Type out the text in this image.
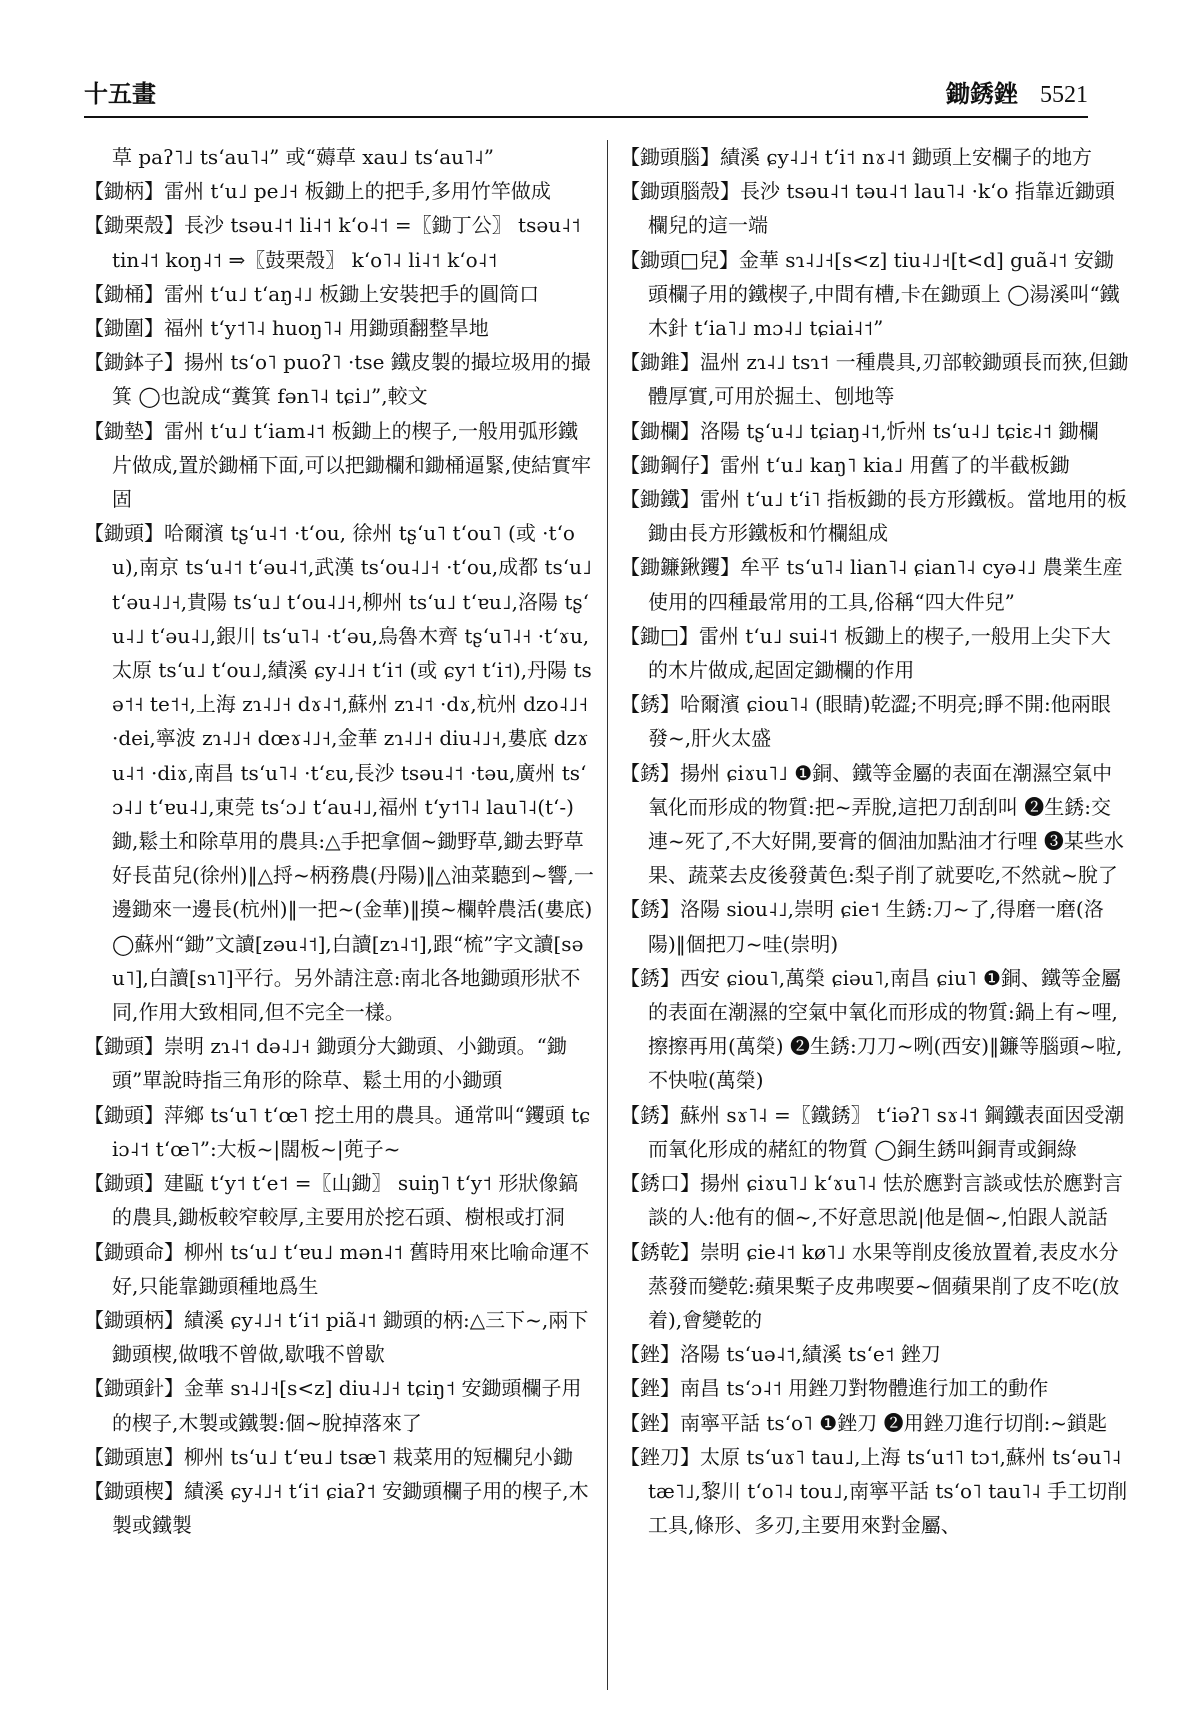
十五畫	鋤銹銼 5521

草 paʔ˥˩ tsʻau˥˨” 或“薅草 xau˩ tsʻau˥˨”

【鋤柄】雷州 tʻu˩ pe˩˧ 板鋤上的把手,多用竹竿做成

【鋤栗殼】長沙 tsəu˨˦ li˨˦ kʻo˨˦ =〖鋤丁公〗 tsəu˨˦ tin˨˦ koŋ˨˦ ⇒〖鼓栗殼〗 kʻo˥˨ li˨˦ kʻo˨˦

【鋤桶】雷州 tʻu˩ tʻaŋ˨˩ 板鋤上安裝把手的圓筒口

【鋤圍】福州 tʻy˦˥˨ huoŋ˥˨ 用鋤頭翻整旱地

【鋤鉢子】揚州 tsʻo˥ puoʔ˥ ·tse 鐵皮製的撮垃圾用的撮箕 ◯也說成“糞箕 fən˥˨ tɕi˩”,較文

【鋤墊】雷州 tʻu˩ tʻiam˨˦ 板鋤上的楔子,一般用弧形鐵片做成,置於鋤桶下面,可以把鋤欄和鋤桶逼緊,使結實牢固

【鋤頭】哈爾濱 tʂʻu˨˦ ·tʻou, 徐州 tʂʻu˥ tʻou˥ (或 ·tʻou),南京 tsʻu˨˦ tʻəu˨˦,武漢 tsʻou˨˩˧ ·tʻou,成都 tsʻu˩ tʻəu˨˩˧,貴陽 tsʻu˩ tʻou˨˩˧,柳州 tsʻu˩ tʻɐu˩,洛陽 tʂʻu˨˩ tʻəu˨˩,銀川 tsʻu˥˨ ·tʻəu,烏魯木齊 tʂʻu˥˨˧ ·tʻɤu,太原 tsʻu˩ tʻou˩,績溪 ɕy˨˩˧ tʻi˦ (或 ɕy˦ tʻi˦),丹陽 tsə˦˧ te˦˧,上海 zɿ˨˩˧ dɤ˨˦,蘇州 zɿ˨˦ ·dɤ,杭州 dzo˨˩˧ ·dei,寧波 zɿ˨˩˧ dœɤ˨˩˧,金華 zɿ˨˩˧ diu˨˩˧,婁底 dzɤu˨˦ ·diɤ,南昌 tsʻu˥˨ ·tʻɛu,長沙 tsəu˨˦ ·təu,廣州 tsʻɔ˨˩ tʻɐu˨˩,東莞 tsʻɔ˩ tʻau˨˩,福州 tʻy˦˥˨ lau˥˨(tʻ-) 鋤,鬆土和除草用的農具:△手把拿個~鋤野草,鋤去野草好長苗兒(徐州)‖△捋~柄務農(丹陽)‖△油菜聽到~響,一邊鋤來一邊長(杭州)‖一把~(金華)‖摸~欄幹農活(婁底) ◯蘇州“鋤”文讀[zəu˨˦],白讀[zɿ˨˦],跟“梳”字文讀[səu˥],白讀[sɿ˥]平行。另外請注意:南北各地鋤頭形狀不同,作用大致相同,但不完全一樣。

【鋤頭】崇明 zɿ˨˦ də˨˩˧ 鋤頭分大鋤頭、小鋤頭。“鋤頭”單說時指三角形的除草、鬆土用的小鋤頭

【鋤頭】萍鄉 tsʻu˥ tʻœ˥ 挖土用的農具。通常叫“钁頭 tɕiɔ˨˦ tʻœ˥”:大板~|闊板~|蔸子~

【鋤頭】建甌 tʻy˦ tʻe˦ =〖山鋤〗 suiŋ˥ tʻy˦ 形狀像鎬的農具,鋤板較窄較厚,主要用於挖石頭、樹根或打洞

【鋤頭命】柳州 tsʻu˩ tʻɐu˩ mən˨˦ 舊時用來比喻命運不好,只能靠鋤頭種地爲生

【鋤頭柄】績溪 ɕy˨˩˧ tʻi˦ piã˨˦ 鋤頭的柄:△三下~,兩下鋤頭楔,做哦不曾做,歇哦不曾歇

【鋤頭針】金華 sɿ˨˩˧[s<z] diu˨˩˧ tɕiŋ˦ 安鋤頭欄子用的楔子,木製或鐵製:個~脫掉落來了

【鋤頭崽】柳州 tsʻu˩ tʻɐu˩ tsæ˥ 栽菜用的短欄兒小鋤

【鋤頭楔】績溪 ɕy˨˩˧ tʻi˦ ɕiaʔ˦ 安鋤頭欄子用的楔子,木製或鐵製

【鋤頭腦】績溪 ɕy˨˩˧ tʻi˦ nɤ˨˦ 鋤頭上安欄子的地方

【鋤頭腦殼】長沙 tsəu˨˦ təu˨˦ lau˥˨ ·kʻo 指靠近鋤頭欄兒的這一端

【鋤頭□兒】金華 sɿ˨˩˧[s<z] tiu˨˩˧[t<d] guã˨˦ 安鋤頭欄子用的鐵楔子,中間有槽,卡在鋤頭上 ◯湯溪叫“鐵木針 tʻia˥˩ mɔ˨˩ tɕiai˨˦”

【鋤錐】温州 zɿ˨˩ tsɿ˦ 一種農具,刃部較鋤頭長而狹,但鋤體厚實,可用於掘土、刨地等

【鋤欄】洛陽 tʂʻu˨˩ tɕiaŋ˨˦,忻州 tsʻu˨˩ tɕiɛ˨˦ 鋤欄

【鋤鋼仔】雷州 tʻu˩ kaŋ˥ kia˩ 用舊了的半截板鋤

【鋤鐵】雷州 tʻu˩ tʻi˥ 指板鋤的長方形鐵板。當地用的板鋤由長方形鐵板和竹欄組成

【鋤鐮鍬钁】牟平 tsʻu˥˨ lian˥˨ ɕian˥˨ cyə˨˩ 農業生産使用的四種最常用的工具,俗稱“四大件兒”

【鋤□】雷州 tʻu˩ sui˨˦ 板鋤上的楔子,一般用上尖下大的木片做成,起固定鋤欄的作用

【銹】哈爾濱 ɕiou˥˨ (眼睛)乾澀;不明亮;睜不開:他兩眼發~,肝火太盛

【銹】揚州 ɕiɤu˥˩ ❶銅、鐵等金屬的表面在潮濕空氣中氧化而形成的物質:把~弄脫,這把刀刮刮叫 ❷生銹:交連~死了,不大好開,要膏的個油加點油才行哩 ❸某些水果、蔬菜去皮後發黃色:梨子削了就要吃,不然就~脫了

【銹】洛陽 siou˨˩,崇明 ɕie˦ 生銹:刀~了,得磨一磨(洛陽)‖個把刀~哇(崇明)

【銹】西安 ɕiou˥,萬榮 ɕiəu˥,南昌 ɕiu˥ ❶銅、鐵等金屬的表面在潮濕的空氣中氧化而形成的物質:鍋上有~哩,擦擦再用(萬榮) ❷生銹:刀刀~咧(西安)‖鐮等腦頭~啦,不快啦(萬榮)

【銹】蘇州 sɤ˥˨ =〖鐵銹〗 tʻiəʔ˥ sɤ˨˦ 鋼鐵表面因受潮而氧化形成的赭紅的物質 ◯銅生銹叫銅青或銅綠

【銹口】揚州 ɕiɤu˥˩ kʻɤu˥˨ 怯於應對言談或怯於應對言談的人:他有的個~,不好意思説|他是個~,怕跟人説話

【銹乾】崇明 ɕie˨˦ kø˥˩ 水果等削皮後放置着,表皮水分蒸發而變乾:蘋果槧子皮弗喫要~個蘋果削了皮不吃(放着),會變乾的

【銼】洛陽 tsʻuə˨˦,績溪 tsʻe˦ 銼刀

【銼】南昌 tsʻɔ˨˦ 用銼刀對物體進行加工的動作

【銼】南寧平話 tsʻo˥ ❶銼刀 ❷用銼刀進行切削:~鎖匙

【銼刀】太原 tsʻuɤ˥ tau˩,上海 tsʻu˦˥ tɔ˦,蘇州 tsʻəu˥˨ tæ˥˩,黎川 tʻo˥˨ tou˩,南寧平話 tsʻo˥ tau˥˨ 手工切削工具,條形、多刃,主要用來對金屬、
